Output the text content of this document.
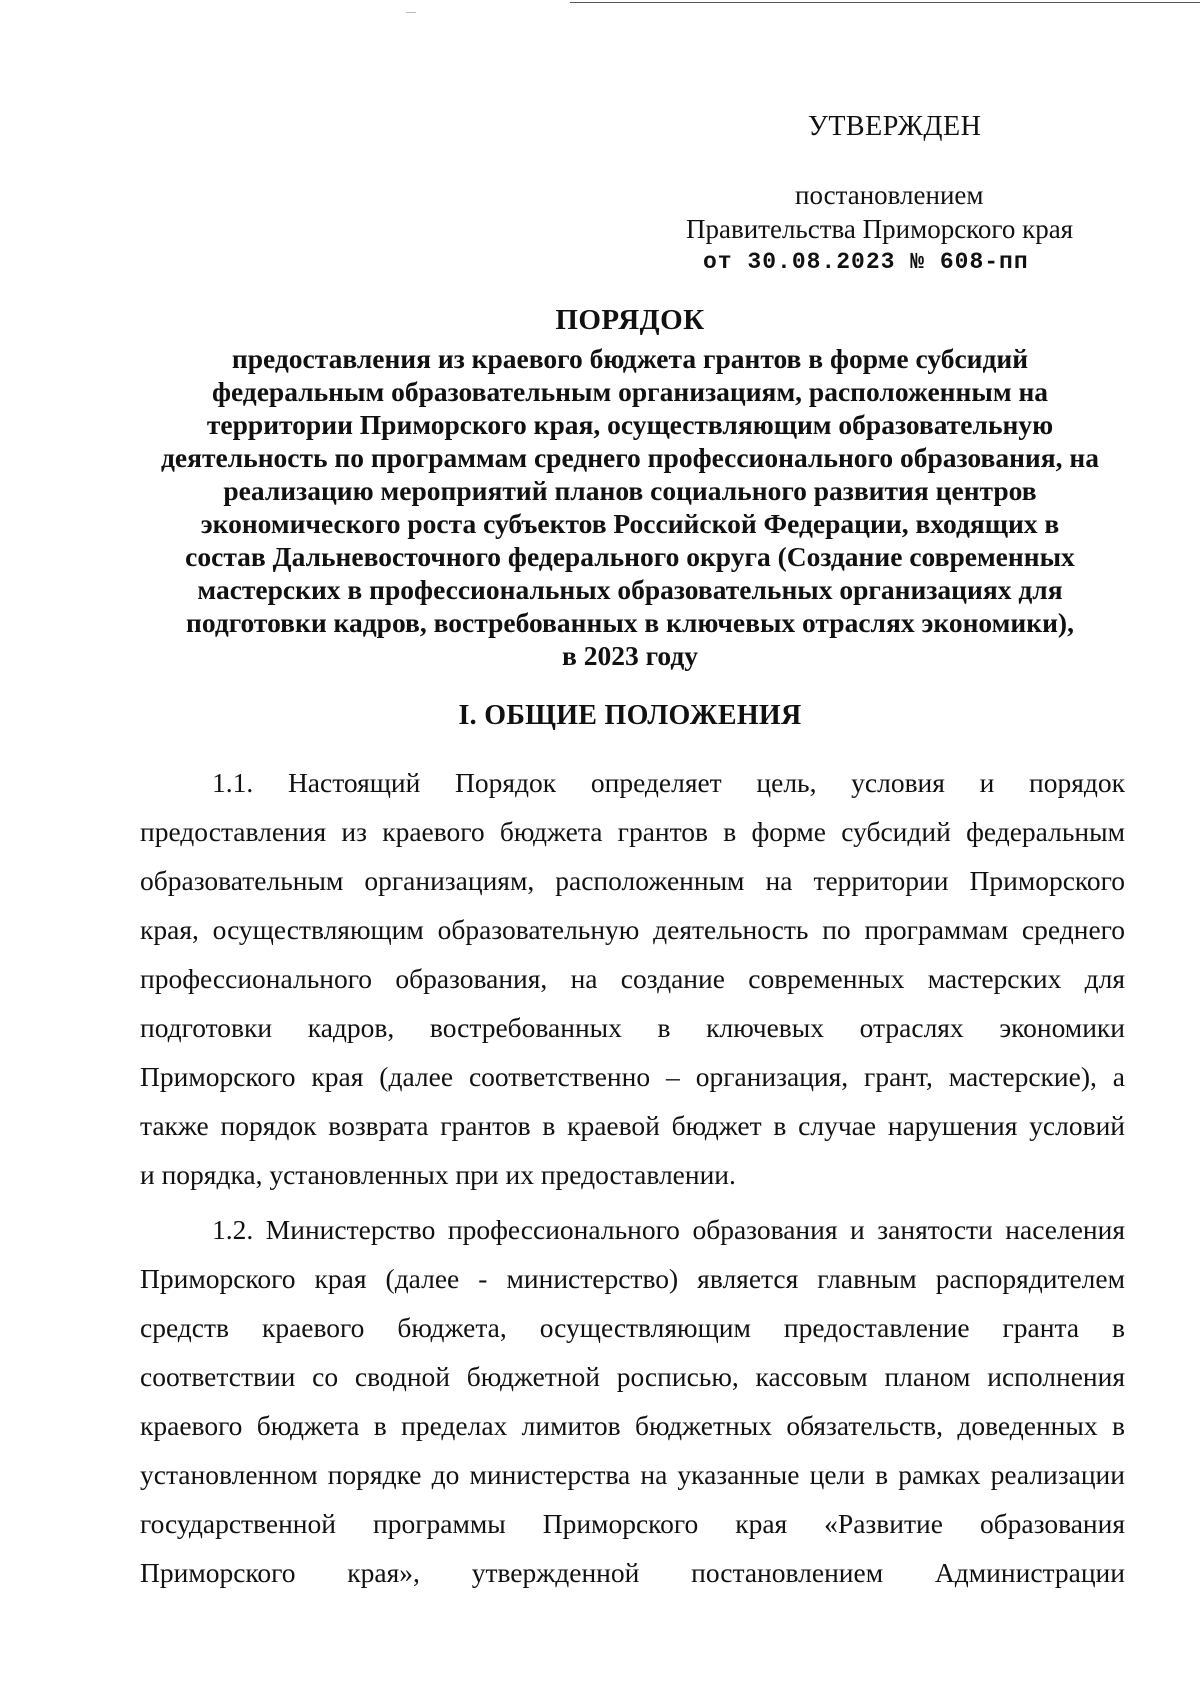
УТВЕРЖДЕН
постановлением
Правительства Приморского края
от 30.08.2023 № 608-пп
ПОРЯДОК
предоставления из краевого бюджета грантов в форме субсидий
федеральным образовательным организациям, расположенным на
территории Приморского края, осуществляющим образовательную
деятельность по программам среднего профессионального образования, на
реализацию мероприятий планов социального развития центров
экономического роста субъектов Российской Федерации, входящих в
состав Дальневосточного федерального округа (Создание современных
мастерских в профессиональных образовательных организациях для
подготовки кадров, востребованных в ключевых отраслях экономики),
в 2023 году
I. ОБЩИЕ ПОЛОЖЕНИЯ
1.1. Настоящий Порядок определяет цель, условия и порядок
предоставления из краевого бюджета грантов в форме субсидий федеральным
образовательным организациям, расположенным на территории Приморского
края, осуществляющим образовательную деятельность по программам среднего
профессионального образования, на создание современных мастерских для
подготовки кадров, востребованных в ключевых отраслях экономики
Приморского края (далее соответственно – организация, грант, мастерские), а
также порядок возврата грантов в краевой бюджет в случае нарушения условий
и порядка, установленных при их предоставлении.
1.2. Министерство профессионального образования и занятости населения
Приморского края (далее - министерство) является главным распорядителем
средств краевого бюджета, осуществляющим предоставление гранта в
соответствии со сводной бюджетной росписью, кассовым планом исполнения
краевого бюджета в пределах лимитов бюджетных обязательств, доведенных в
установленном порядке до министерства на указанные цели в рамках реализации
государственной программы Приморского края «Развитие образования
Приморского края», утвержденной постановлением Администрации
